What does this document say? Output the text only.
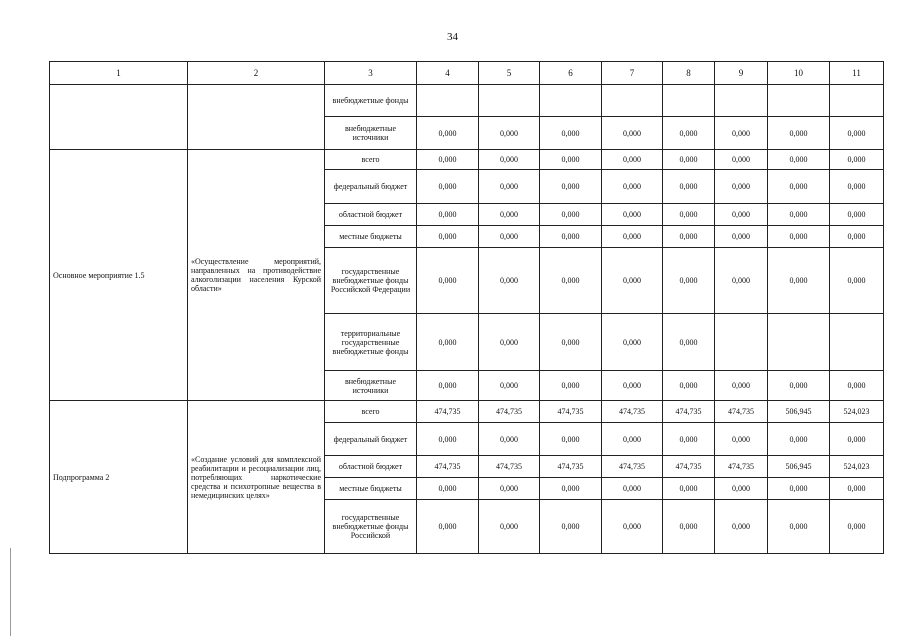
34
1	2	3	4	5	6	7	8	9	10	11
		внебюджетные фонды								
		внебюджетные источники	0,000	0,000	0,000	0,000	0,000	0,000	0,000	0,000
Основное мероприятие 1.5	«Осуществление мероприятий, направленных на противодействие алкоголизации населения Курской области»	всего	0,000	0,000	0,000	0,000	0,000	0,000	0,000	0,000
		федеральный бюджет	0,000	0,000	0,000	0,000	0,000	0,000	0,000	0,000
		областной бюджет	0,000	0,000	0,000	0,000	0,000	0,000	0,000	0,000
		местные бюджеты	0,000	0,000	0,000	0,000	0,000	0,000	0,000	0,000
		государственные внебюджетные фонды Российской Федерации	0,000	0,000	0,000	0,000	0,000	0,000	0,000	0,000
		территориальные государственные внебюджетные фонды	0,000	0,000	0,000	0,000	0,000			
		внебюджетные источники	0,000	0,000	0,000	0,000	0,000	0,000	0,000	0,000
Подпрограмма 2	«Создание условий для комплексной реабилитации и ресоциализации лиц, потребляющих наркотические средства и психотропные вещества в немедицинских целях»	всего	474,735	474,735	474,735	474,735	474,735	474,735	506,945	524,023
		федеральный бюджет	0,000	0,000	0,000	0,000	0,000	0,000	0,000	0,000
		областной бюджет	474,735	474,735	474,735	474,735	474,735	474,735	506,945	524,023
		местные бюджеты	0,000	0,000	0,000	0,000	0,000	0,000	0,000	0,000
		государственные внебюджетные фонды Российской	0,000	0,000	0,000	0,000	0,000	0,000	0,000	0,000
